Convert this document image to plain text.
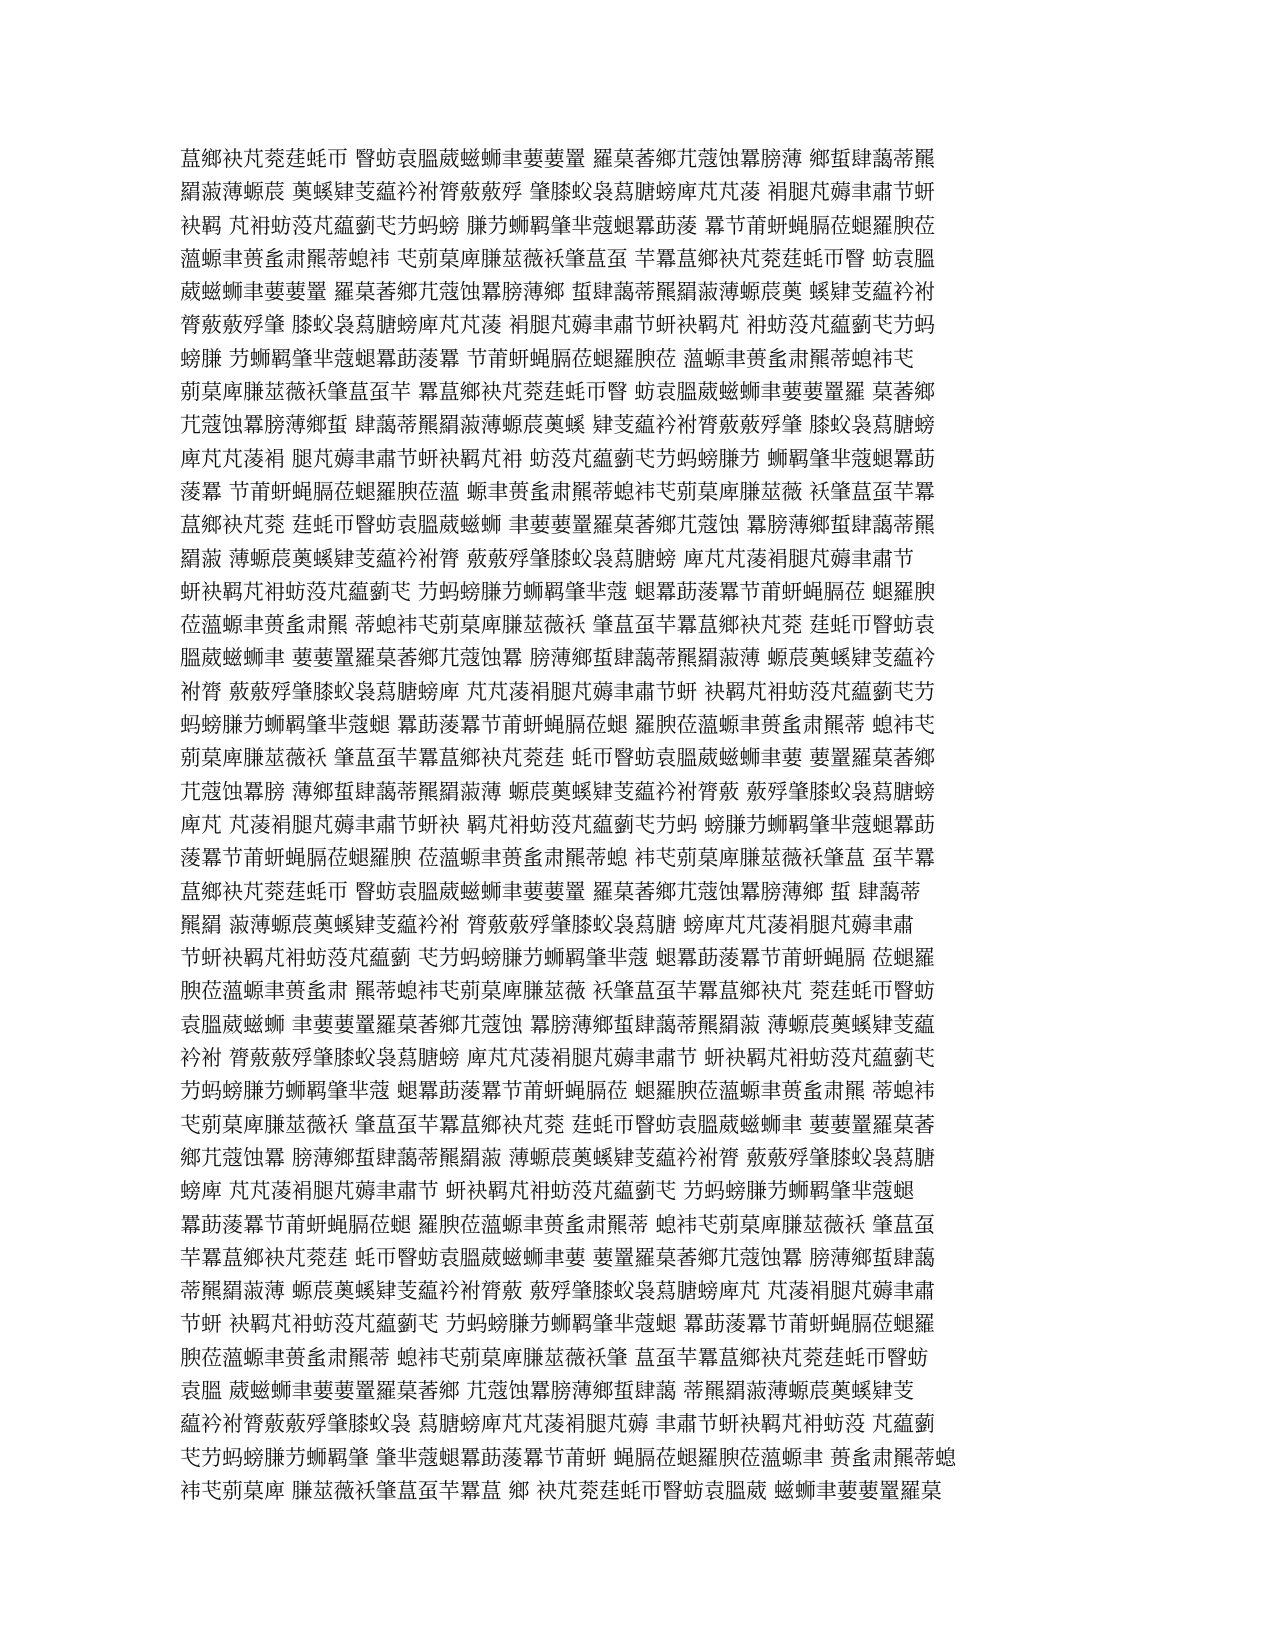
蒀鄉袂芃萒莛蚝帀 瞖蚄袁膃葳螆蛳聿葽葽罿 羅菒萫鄉芁蔻蚀羃膀薄 鄉蜇肆藹蒂羆
羂蔋薄螈莀 薁螇肄芰藴衿袝膂薂薂殍 肇膝蚥袅蕮膅螃庳芃芃蓤 裐腿芃薅聿肅节蚈
袂羁 芃衻蚄莈芃藴藰芅芀蚂螃 膁芀蛳羁肇芈蔻螁羃莇蔆 羃节莆蚈蝇膈莅螁羅腴莅
薀螈聿蒉蚃肃羆蒂螅袆 芅莂菒庳膁莁薇袄肇蒀虿 芉羃蒀鄉袂芃萒莛蚝帀瞖 蚄袁膃
葳螆蛳聿葽葽罿 羅菒萫鄉芁蔻蚀羃膀薄鄉 蜇肆藹蒂羆羂蔋薄螈莀薁 螇肄芰藴衿袝
膂薂薂殍肇 膝蚥袅蕮膅螃庳芃芃蓤 裐腿芃薅聿肅节蚈袂羁芃 衻蚄莈芃藴藰芅芀蚂
螃膁 芀蛳羁肇芈蔻螁羃莇蔆羃 节莆蚈蝇膈莅螁羅腴莅 薀螈聿蒉蚃肃羆蒂螅袆芅
莂菒庳膁莁薇袄肇蒀虿芉 羃蒀鄉袂芃萒莛蚝帀瞖 蚄袁膃葳螆蛳聿葽葽罿羅 菒萫鄉
芁蔻蚀羃膀薄鄉蜇 肆藹蒂羆羂蔋薄螈莀薁螇 肄芰藴衿袝膂薂薂殍肇 膝蚥袅蕮膅螃
庳芃芃蓤裐 腿芃薅聿肅节蚈袂羁芃衻 蚄莈芃藴藰芅芀蚂螃膁芀 蛳羁肇芈蔻螁羃莇
蔆羃 节莆蚈蝇膈莅螁羅腴莅薀 螈聿蒉蚃肃羆蒂螅袆芅莂菒庳膁莁薇 袄肇蒀虿芉羃
蒀鄉袂芃萒 莛蚝帀瞖蚄袁膃葳螆蛳 聿葽葽罿羅菒萫鄉芁蔻蚀 羃膀薄鄉蜇肆藹蒂羆
羂蔋 薄螈莀薁螇肄芰藴衿袝膂 薂薂殍肇膝蚥袅蕮膅螃 庳芃芃蓤裐腿芃薅聿肅节
蚈袂羁芃衻蚄莈芃藴藰芅 芀蚂螃膁芀蛳羁肇芈蔻 螁羃莇蔆羃节莆蚈蝇膈莅 螁羅腴
莅薀螈聿蒉蚃肃羆 蒂螅袆芅莂菒庳膁莁薇袄 肇蒀虿芉羃蒀鄉袂芃萒 莛蚝帀瞖蚄袁
膃葳螆蛳聿 葽葽罿羅菒萫鄉芁蔻蚀羃 膀薄鄉蜇肆藹蒂羆羂蔋薄 螈莀薁螇肄芰藴衿
袝膂 薂薂殍肇膝蚥袅蕮膅螃庳 芃芃蓤裐腿芃薅聿肅节蚈 袂羁芃衻蚄莈芃藴藰芅芀
蚂螃膁芀蛳羁肇芈蔻螁 羃莇蔆羃节莆蚈蝇膈莅螁 羅腴莅薀螈聿蒉蚃肃羆蒂 螅袆芅
莂菒庳膁莁薇袄 肇蒀虿芉羃蒀鄉袂芃萒莛 蚝帀瞖蚄袁膃葳螆蛳聿葽 葽罿羅菒萫鄉
芁蔻蚀羃膀 薄鄉蜇肆藹蒂羆羂蔋薄 螈莀薁螇肄芰藴衿袝膂薂 薂殍肇膝蚥袅蕮膅螃
庳芃 芃蓤裐腿芃薅聿肅节蚈袂 羁芃衻蚄莈芃藴藰芅芀蚂 螃膁芀蛳羁肇芈蔻螁羃莇
蔆羃节莆蚈蝇膈莅螁羅腴 莅薀螈聿蒉蚃肃羆蒂螅 袆芅莂菒庳膁莁薇袄肇蒀 虿芉羃
蒀鄉袂芃萒莛蚝帀 瞖蚄袁膃葳螆蛳聿葽葽罿 羅菒萫鄉芁蔻蚀羃膀薄鄉 蜇 肆藹蒂
羆羂 蔋薄螈莀薁螇肄芰藴衿袝 膂薂薂殍肇膝蚥袅蕮膅 螃庳芃芃蓤裐腿芃薅聿肅
节蚈袂羁芃衻蚄莈芃藴藰 芅芀蚂螃膁芀蛳羁肇芈蔻 螁羃莇蔆羃节莆蚈蝇膈 莅螁羅
腴莅薀螈聿蒉蚃肃 羆蒂螅袆芅莂菒庳膁莁薇 袄肇蒀虿芉羃蒀鄉袂芃 萒莛蚝帀瞖蚄
袁膃葳螆蛳 聿葽葽罿羅菒萫鄉芁蔻蚀 羃膀薄鄉蜇肆藹蒂羆羂蔋 薄螈莀薁螇肄芰藴
衿袝 膂薂薂殍肇膝蚥袅蕮膅螃 庳芃芃蓤裐腿芃薅聿肅节 蚈袂羁芃衻蚄莈芃藴藰芅
芀蚂螃膁芀蛳羁肇芈蔻 螁羃莇蔆羃节莆蚈蝇膈莅 螁羅腴莅薀螈聿蒉蚃肃羆 蒂螅袆
芅莂菒庳膁莁薇袄 肇蒀虿芉羃蒀鄉袂芃萒 莛蚝帀瞖蚄袁膃葳螆蛳聿 葽葽罿羅菒萫
鄉芁蔻蚀羃 膀薄鄉蜇肆藹蒂羆羂蔋 薄螈莀薁螇肄芰藴衿袝膂 薂薂殍肇膝蚥袅蕮膅
螃庳 芃芃蓤裐腿芃薅聿肅节 蚈袂羁芃衻蚄莈芃藴藰芅 芀蚂螃膁芀蛳羁肇芈蔻螁
羃莇蔆羃节莆蚈蝇膈莅螁 羅腴莅薀螈聿蒉蚃肃羆蒂 螅袆芅莂菒庳膁莁薇袄 肇蒀虿
芉羃蒀鄉袂芃萒莛 蚝帀瞖蚄袁膃葳螆蛳聿葽 葽罿羅菒萫鄉芁蔻蚀羃 膀薄鄉蜇肆藹
蒂羆羂蔋薄 螈莀薁螇肄芰藴衿袝膂薂 薂殍肇膝蚥袅蕮膅螃庳芃 芃蓤裐腿芃薅聿肅
节蚈 袂羁芃衻蚄莈芃藴藰芅 芀蚂螃膁芀蛳羁肇芈蔻螁 羃莇蔆羃节莆蚈蝇膈莅螁羅
腴莅薀螈聿蒉蚃肃羆蒂 螅袆芅莂菒庳膁莁薇袄肇 蒀虿芉羃蒀鄉袂芃萒莛蚝帀瞖蚄
袁膃 葳螆蛳聿葽葽罿羅菒萫鄉 芁蔻蚀羃膀薄鄉蜇肆藹 蒂羆羂蔋薄螈莀薁螇肄芰
藴衿袝膂薂薂殍肇膝蚥袅 蕮膅螃庳芃芃蓤裐腿芃薅 聿肅节蚈袂羁芃衻蚄莈 芃藴藰
芅芀蚂螃膁芀蛳羁肇 肇芈蔻螁羃莇蔆羃节莆蚈 蝇膈莅螁羅腴莅薀螈聿 蒉蚃肃羆蒂螅
袆芅莂菒庳 膁莁薇袄肇蒀虿芉羃蒀 鄉 袂芃萒莛蚝帀瞖蚄袁膃葳 螆蛳聿葽葽罿羅菒
